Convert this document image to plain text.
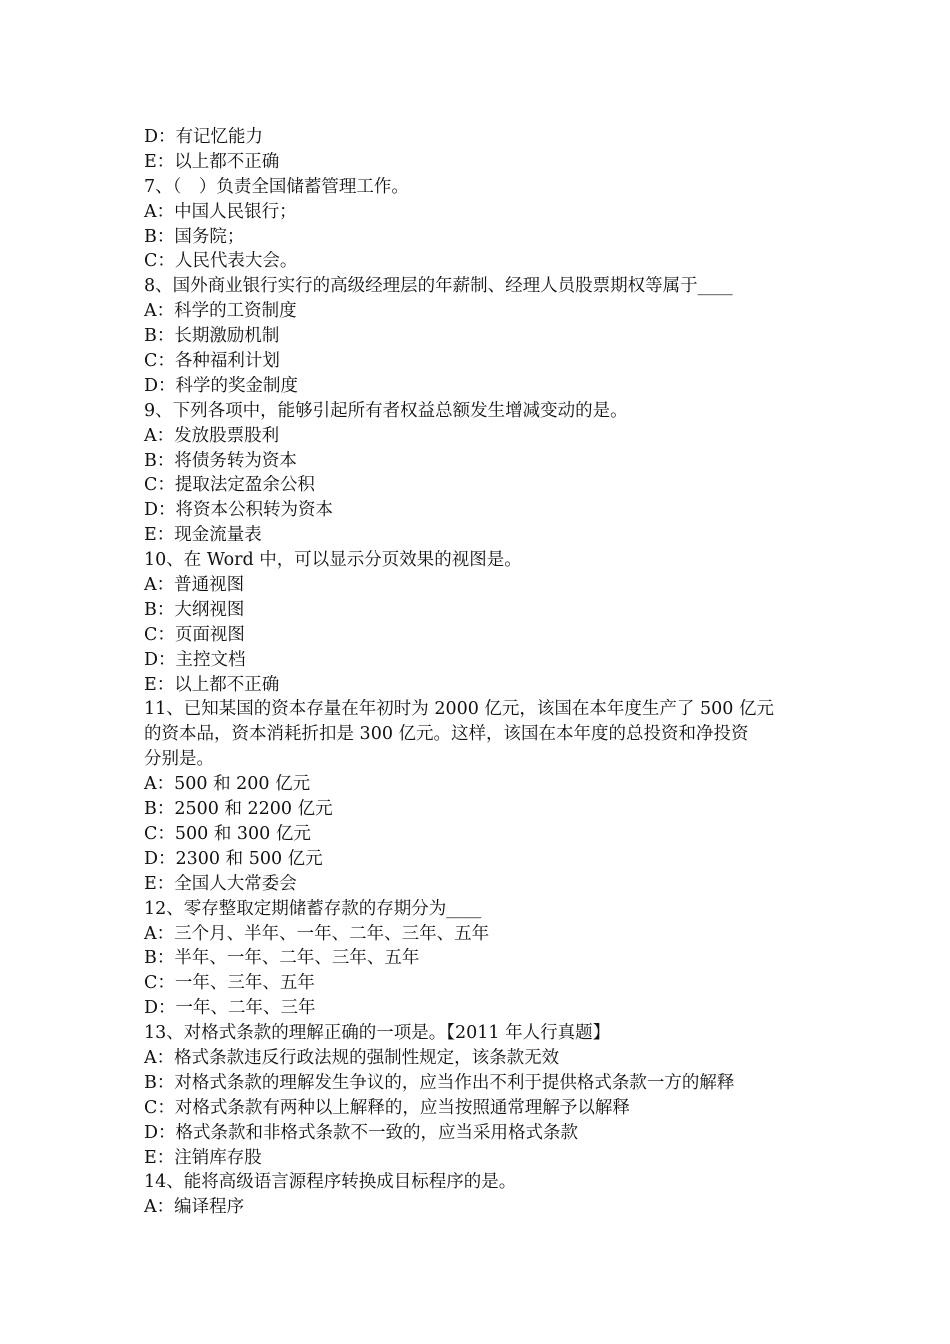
D：有记忆能力
E：以上都不正确
7、（　）负责全国储蓄管理工作。
A：中国人民银行；
B：国务院；
C：人民代表大会。
8、国外商业银行实行的高级经理层的年薪制、经理人员股票期权等属于____
A：科学的工资制度
B：长期激励机制
C：各种福利计划
D：科学的奖金制度
9、下列各项中，能够引起所有者权益总额发生增减变动的是。
A：发放股票股利
B：将债务转为资本
C：提取法定盈余公积
D：将资本公积转为资本
E：现金流量表
10、在 Word 中，可以显示分页效果的视图是。
A：普通视图
B：大纲视图
C：页面视图
D：主控文档
E：以上都不正确
11、已知某国的资本存量在年初时为 2000 亿元，该国在本年度生产了 500 亿元
的资本品，资本消耗折扣是 300 亿元。这样，该国在本年度的总投资和净投资
分别是。
A：500 和 200 亿元
B：2500 和 2200 亿元
C：500 和 300 亿元
D：2300 和 500 亿元
E：全国人大常委会
12、零存整取定期储蓄存款的存期分为____
A：三个月、半年、一年、二年、三年、五年
B：半年、一年、二年、三年、五年
C：一年、三年、五年
D：一年、二年、三年
13、对格式条款的理解正确的一项是。【2011 年人行真题】
A：格式条款违反行政法规的强制性规定，该条款无效
B：对格式条款的理解发生争议的，应当作出不利于提供格式条款一方的解释
C：对格式条款有两种以上解释的，应当按照通常理解予以解释
D：格式条款和非格式条款不一致的，应当采用格式条款
E：注销库存股
14、能将高级语言源程序转换成目标程序的是。
A：编译程序
